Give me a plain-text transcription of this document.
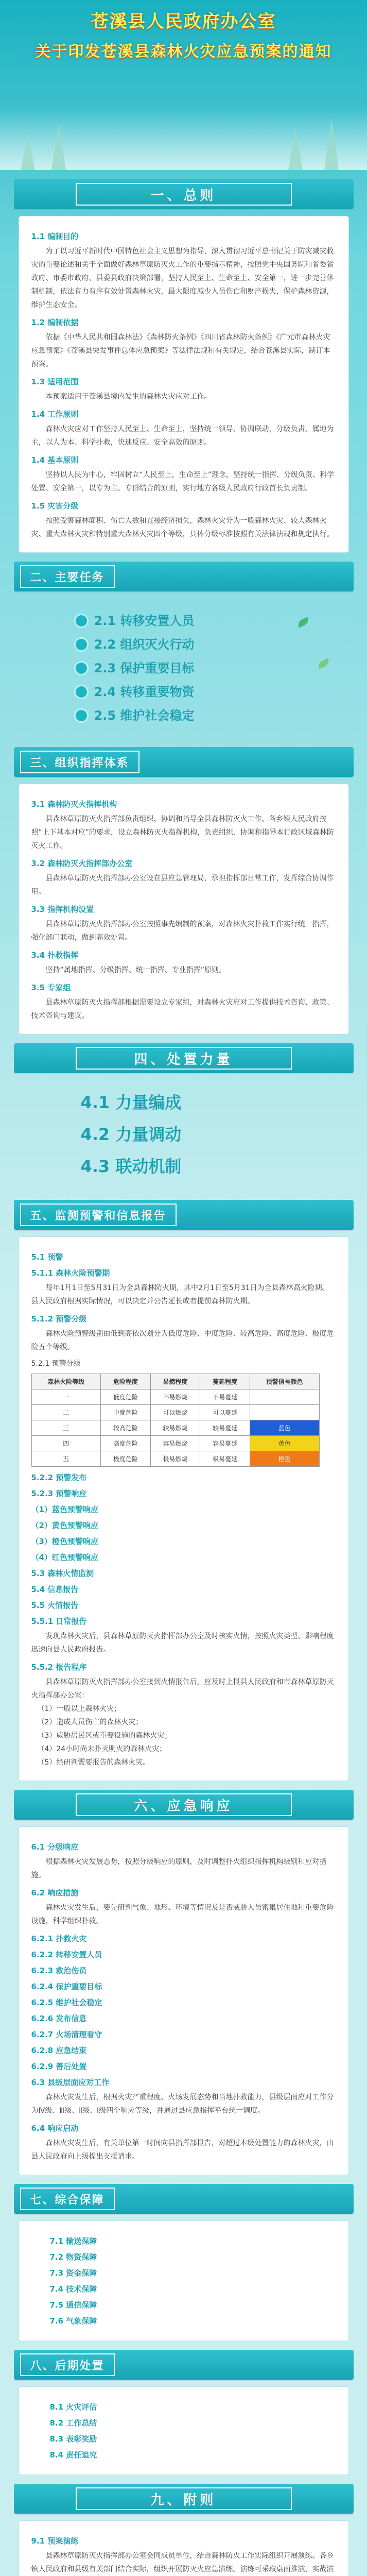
苍溪县人民政府办公室
关于印发苍溪县森林火灾应急预案的通知
一、总则
1.1 编制目的
为了以习近平新时代中国特色社会主义思想为指导，深入贯彻习近平总书记关于防灾减灾救灾的重要论述和关于全面做好森林草原防灭火工作的重要指示精神，按照党中央国务院和省委省政府、市委市政府、县委县政府决策部署，坚持人民至上、生命至上、安全第一，进一步完善体制机制，依法有力有序有效处置森林火灾，最大限度减少人员伤亡和财产损失，保护森林资源，维护生态安全。
1.2 编制依据
依据《中华人民共和国森林法》《森林防火条例》《四川省森林防火条例》《广元市森林火灾应急预案》《苍溪县突发事件总体应急预案》等法律法规和有关规定，结合苍溪县实际，制订本预案。
1.3 适用范围
本预案适用于苍溪县境内发生的森林火灾应对工作。
1.4 工作原则
森林火灾应对工作坚持人民至上、生命至上，坚持统一领导、协调联动，分级负责、属地为主，以人为本、科学扑救，快速反应、安全高效的原则。
1.4 基本原则
坚持以人民为中心，牢固树立“人民至上，生命至上”理念，坚持统一指挥、分级负责、科学处置、安全第一，以专为主、专群结合的原则，实行地方各级人民政府行政首长负责制。
1.5 灾害分级
按照受害森林面积、伤亡人数和直接经济损失，森林火灾分为一般森林火灾、较大森林火灾、重大森林火灾和特别重大森林火灾四个等级，具体分级标准按照有关法律法规和规定执行。
二、主要任务
2.1 转移安置人员
2.2 组织灭火行动
2.3 保护重要目标
2.4 转移重要物资
2.5 维护社会稳定
三、组织指挥体系
3.1 森林防灭火指挥机构
县森林草原防灭火指挥部负责组织、协调和指导全县森林防灭火工作。各乡镇人民政府按照“上下基本对应”的要求，设立森林防灭火指挥机构，负责组织、协调和指导本行政区域森林防灭火工作。
3.2 森林防灭火指挥部办公室
县森林草原防灭火指挥部办公室设在县应急管理局，承担指挥部日常工作，发挥综合协调作用。
3.3 指挥机构设置
县森林草原防灭火指挥部办公室按照事先编制的预案，对森林火灾扑救工作实行统一指挥，强化部门联动，做到高效处置。
3.4 扑救指挥
坚持“属地指挥、分级指挥、统一指挥、专业指挥”原则。
3.5 专家组
县森林草原防灭火指挥部根据需要设立专家组，对森林火灾应对工作提供技术咨询、政策、技术咨询与建议。
四、处置力量
4.1 力量编成
4.2 力量调动
4.3 联动机制
五、监测预警和信息报告
5.1 预警
5.1.1 森林火险预警期
每年1月1日至5月31日为全县森林防火期，其中2月1日至5月31日为全县森林高火险期。县人民政府根据实际情况，可以决定并公告延长或者提前森林防火期。
5.1.2 预警分级
森林火险预警级别由低到高依次划分为低度危险、中度危险、较高危险、高度危险、极度危险五个等级。
5.2.1 预警分级
森林火险等级	危险程度	易燃程度	蔓延程度	预警信号颜色
一	低度危险	不易燃烧	不易蔓延	
二	中度危险	可以燃烧	可以蔓延	
三	较高危险	较易燃烧	较易蔓延	蓝色
四	高度危险	容易燃烧	容易蔓延	黄色
五	极度危险	极易燃烧	极易蔓延	橙色
5.2.2 预警发布
5.2.3 预警响应
（1）蓝色预警响应
（2）黄色预警响应
（3）橙色预警响应
（4）红色预警响应
5.3 森林火情监测
5.4 信息报告
5.5 火情报告
5.5.1 日常报告
发现森林火灾后，县森林草原防灭火指挥部办公室及时核实火情，按照火灾类型、影响程度迅速向县人民政府报告。
5.5.2 报告程序
县森林草原防灭火指挥部办公室接到火情报告后，应及时上报县人民政府和市森林草原防灭火指挥部办公室：
（1）一般以上森林火灾；
（2）造成人员伤亡的森林火灾；
（3）威胁居民区或重要设施的森林火灾；
（4）24小时尚未扑灭明火的森林火灾；
（5）经研判需要报告的森林火灾。
六、应急响应
6.1 分级响应
根据森林火灾发展态势，按照分级响应的原则，及时调整扑火组织指挥机构级别和应对措施。
6.2 响应措施
森林火灾发生后，要先研判气象、地形、环境等情况及是否威胁人员密集居住地和重要危险设施，科学组织扑救。
6.2.1 扑救火灾
6.2.2 转移安置人员
6.2.3 救治伤员
6.2.4 保护重要目标
6.2.5 维护社会稳定
6.2.6 发布信息
6.2.7 火场清理看守
6.2.8 应急结束
6.2.9 善后处置
6.3 县级层面应对工作
森林火灾发生后，根据火灾严重程度、火场发展态势和当地扑救能力，县级层面应对工作分为Ⅳ级、Ⅲ级、Ⅱ级、Ⅰ级四个响应等级，并通过县应急指挥平台统一调度。
6.4 响应启动
森林火灾发生后，有关单位第一时间向县指挥部报告，对超过本级处置能力的森林火灾，由县人民政府向上级提出支援请求。
七、综合保障
7.1 输送保障
7.2 物资保障
7.3 资金保障
7.4 技术保障
7.5 通信保障
7.6 气象保障
八、后期处置
8.1 火灾评估
8.2 工作总结
8.3 表彰奖励
8.4 责任追究
九、附则
9.1 预案演练
县森林草原防灭火指挥部办公室会同成员单位，结合森林防火工作实际组织开展演练。各乡镇人民政府和县级有关部门结合实际，组织开展防灭火应急演练，演练可采取桌面推演、实战演
